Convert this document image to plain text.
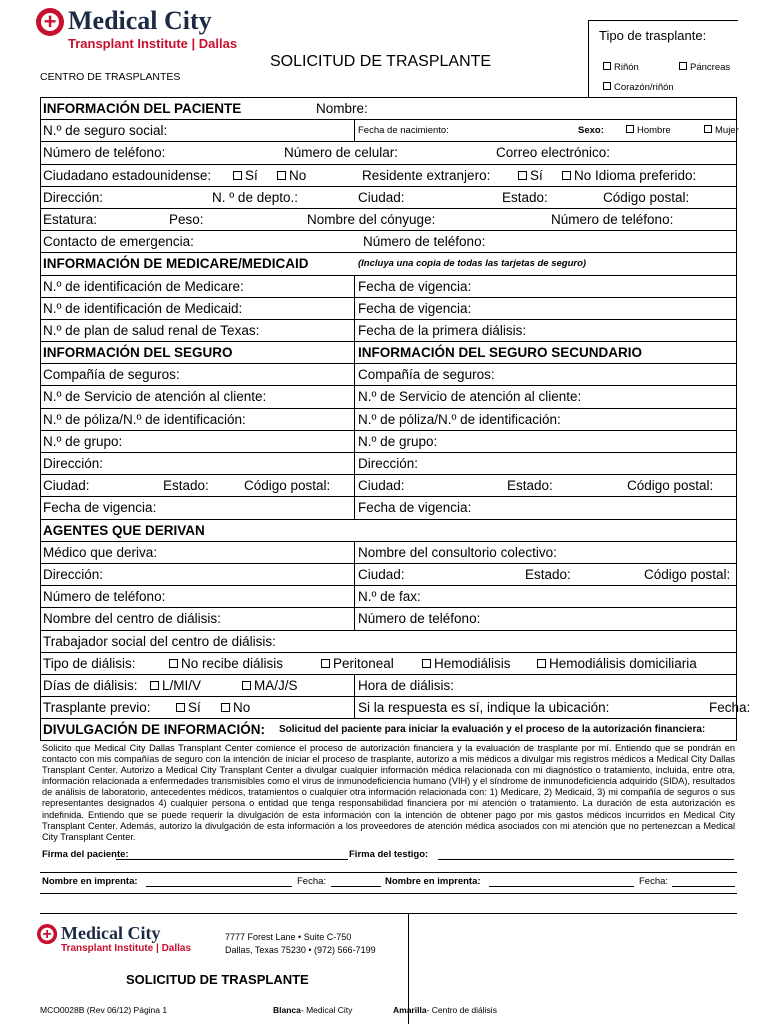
+
Medical City
Transplant Institute | Dallas
SOLICITUD DE TRASPLANTE
CENTRO DE TRASPLANTES
Tipo de trasplante:
Riñón	Páncreas
Corazón/riñón
INFORMACIÓN DEL PACIENTE	Nombre:
N.º de seguro social:	Fecha de nacimiento:	Sexo:	Hombre	Mujer
Número de teléfono:	Número de celular:	Correo electrónico:
Ciudadano estadounidense:	Sí	No	Residente extranjero:	Sí	No Idioma preferido:
Dirección:	N. º de depto.:	Ciudad:	Estado:	Código postal:
Estatura:	Peso:	Nombre del cónyuge:	Número de teléfono:
Contacto de emergencia:	Número de teléfono:
INFORMACIÓN DE MEDICARE/MEDICAID	(Incluya una copia de todas las tarjetas de seguro)
N.º de identificación de Medicare:	Fecha de vigencia:
N.º de identificación de Medicaid:	Fecha de vigencia:
N.º de plan de salud renal de Texas:	Fecha de la primera diálisis:
INFORMACIÓN DEL SEGURO	INFORMACIÓN DEL SEGURO SECUNDARIO
Compañía de seguros:	Compañía de seguros:
N.º de Servicio de atención al cliente:	N.º de Servicio de atención al cliente:
N.º de póliza/N.º de identificación:	N.º de póliza/N.º de identificación:
N.º de grupo:	N.º de grupo:
Dirección:	Dirección:
Ciudad:	Estado:	Código postal: Ciudad:	Estado:	Código postal:
Fecha de vigencia:	Fecha de vigencia:
AGENTES QUE DERIVAN
Médico que deriva:	Nombre del consultorio colectivo:
Dirección:	Ciudad:	Estado:	Código postal:
Número de teléfono:	N.º de fax:
Nombre del centro de diálisis:	Número de teléfono:
Trabajador social del centro de diálisis:
Tipo de diálisis:	No recibe diálisis	Peritoneal	Hemodiálisis	Hemodiálisis domiciliaria
Días de diálisis:	L/MI/V	MA/J/S	Hora de diálisis:
Trasplante previo:	Sí	No	Si la respuesta es sí, indique la ubicación:	Fecha:
DIVULGACIÓN DE INFORMACIÓN: Solicitud del paciente para iniciar la evaluación y el proceso de la autorización financiera:
Solicito que Medical City Dallas Transplant Center comience el proceso de autorización financiera y la evaluación de trasplante por mí. Entiendo que se pondrán en contacto con mis compañías de seguro con la intención de iniciar el proceso de trasplante, autorizo a mis médicos a divulgar mis registros médicos a Medical City Dallas Transplant Center. Autorizo a Medical City Transplant Center a divulgar cualquier información médica relacionada con mi diagnóstico o tratamiento, incluida, entre otra, información relacionada a enfermedades transmisibles como el virus de inmunodeficiencia humano (VIH) y el síndrome de inmunodeficiencia adquirido (SIDA), resultados de análisis de laboratorio, antecedentes médicos, tratamientos o cualquier otra información relacionada con: 1) Medicare, 2) Medicaid, 3) mi compañía de seguros o sus representantes designados 4) cualquier persona o entidad que tenga responsabilidad financiera por mi atención o tratamiento. La duración de esta autorización es indefinida. Entiendo que se puede requerir la divulgación de esta información con la intención de obtener pago por mis gastos médicos incurridos en Medical City Transplant Center. Además, autorizo la divulgación de esta información a los proveedores de atención médica asociados con mi atención que no pertenezcan a Medical City Transplant Center.
Firma del paciente:	Firma del testigo:
Nombre en imprenta:	Fecha:	Nombre en imprenta:	Fecha:
+
Medical City
Transplant Institute | Dallas
7777 Forest Lane • Suite C-750
Dallas, Texas 75230 • (972) 566-7199
SOLICITUD DE TRASPLANTE
MCO0028B (Rev 06/12) Página 1	Blanca- Medical City	Amarilla- Centro de diálisis
